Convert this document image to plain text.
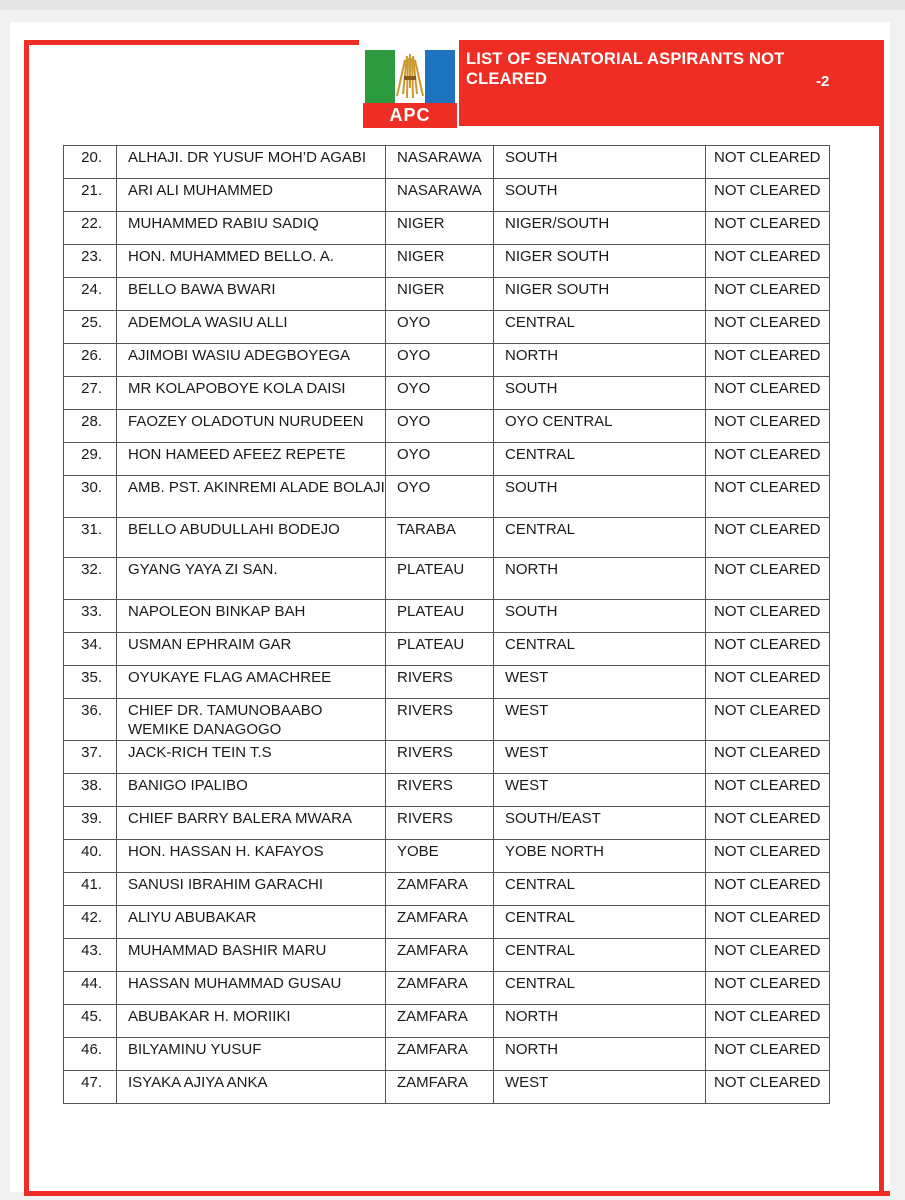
APC
LIST OF SENATORIAL ASPIRANTS NOT CLEARED	-2
20.	ALHAJI. DR YUSUF MOH’D AGABI	NASARAWA	SOUTH	NOT CLEARED
21.	ARI ALI MUHAMMED	NASARAWA	SOUTH	NOT CLEARED
22.	MUHAMMED RABIU SADIQ	NIGER	NIGER/SOUTH	NOT CLEARED
23.	HON. MUHAMMED BELLO. A.	NIGER	NIGER SOUTH	NOT CLEARED
24.	BELLO BAWA BWARI	NIGER	NIGER SOUTH	NOT CLEARED
25.	ADEMOLA WASIU ALLI	OYO	CENTRAL	NOT CLEARED
26.	AJIMOBI WASIU ADEGBOYEGA	OYO	NORTH	NOT CLEARED
27.	MR KOLAPOBOYE KOLA DAISI	OYO	SOUTH	NOT CLEARED
28.	FAOZEY OLADOTUN NURUDEEN	OYO	OYO CENTRAL	NOT CLEARED
29.	HON HAMEED AFEEZ REPETE	OYO	CENTRAL	NOT CLEARED
30.	AMB. PST. AKINREMI ALADE BOLAJI	OYO	SOUTH	NOT CLEARED
31.	BELLO ABUDULLAHI BODEJO	TARABA	CENTRAL	NOT CLEARED
32.	GYANG YAYA ZI SAN.	PLATEAU	NORTH	NOT CLEARED
33.	NAPOLEON BINKAP BAH	PLATEAU	SOUTH	NOT CLEARED
34.	USMAN EPHRAIM GAR	PLATEAU	CENTRAL	NOT CLEARED
35.	OYUKAYE FLAG AMACHREE	RIVERS	WEST	NOT CLEARED
36.	CHIEF DR. TAMUNOBAABO WEMIKE DANAGOGO	RIVERS	WEST	NOT CLEARED
37.	JACK-RICH TEIN T.S	RIVERS	WEST	NOT CLEARED
38.	BANIGO IPALIBO	RIVERS	WEST	NOT CLEARED
39.	CHIEF BARRY BALERA MWARA	RIVERS	SOUTH/EAST	NOT CLEARED
40.	HON. HASSAN H. KAFAYOS	YOBE	YOBE NORTH	NOT CLEARED
41.	SANUSI IBRAHIM GARACHI	ZAMFARA	CENTRAL	NOT CLEARED
42.	ALIYU ABUBAKAR	ZAMFARA	CENTRAL	NOT CLEARED
43.	MUHAMMAD BASHIR MARU	ZAMFARA	CENTRAL	NOT CLEARED
44.	HASSAN MUHAMMAD GUSAU	ZAMFARA	CENTRAL	NOT CLEARED
45.	ABUBAKAR H. MORIIKI	ZAMFARA	NORTH	NOT CLEARED
46.	BILYAMINU YUSUF	ZAMFARA	NORTH	NOT CLEARED
47.	ISYAKA AJIYA ANKA	ZAMFARA	WEST	NOT CLEARED
